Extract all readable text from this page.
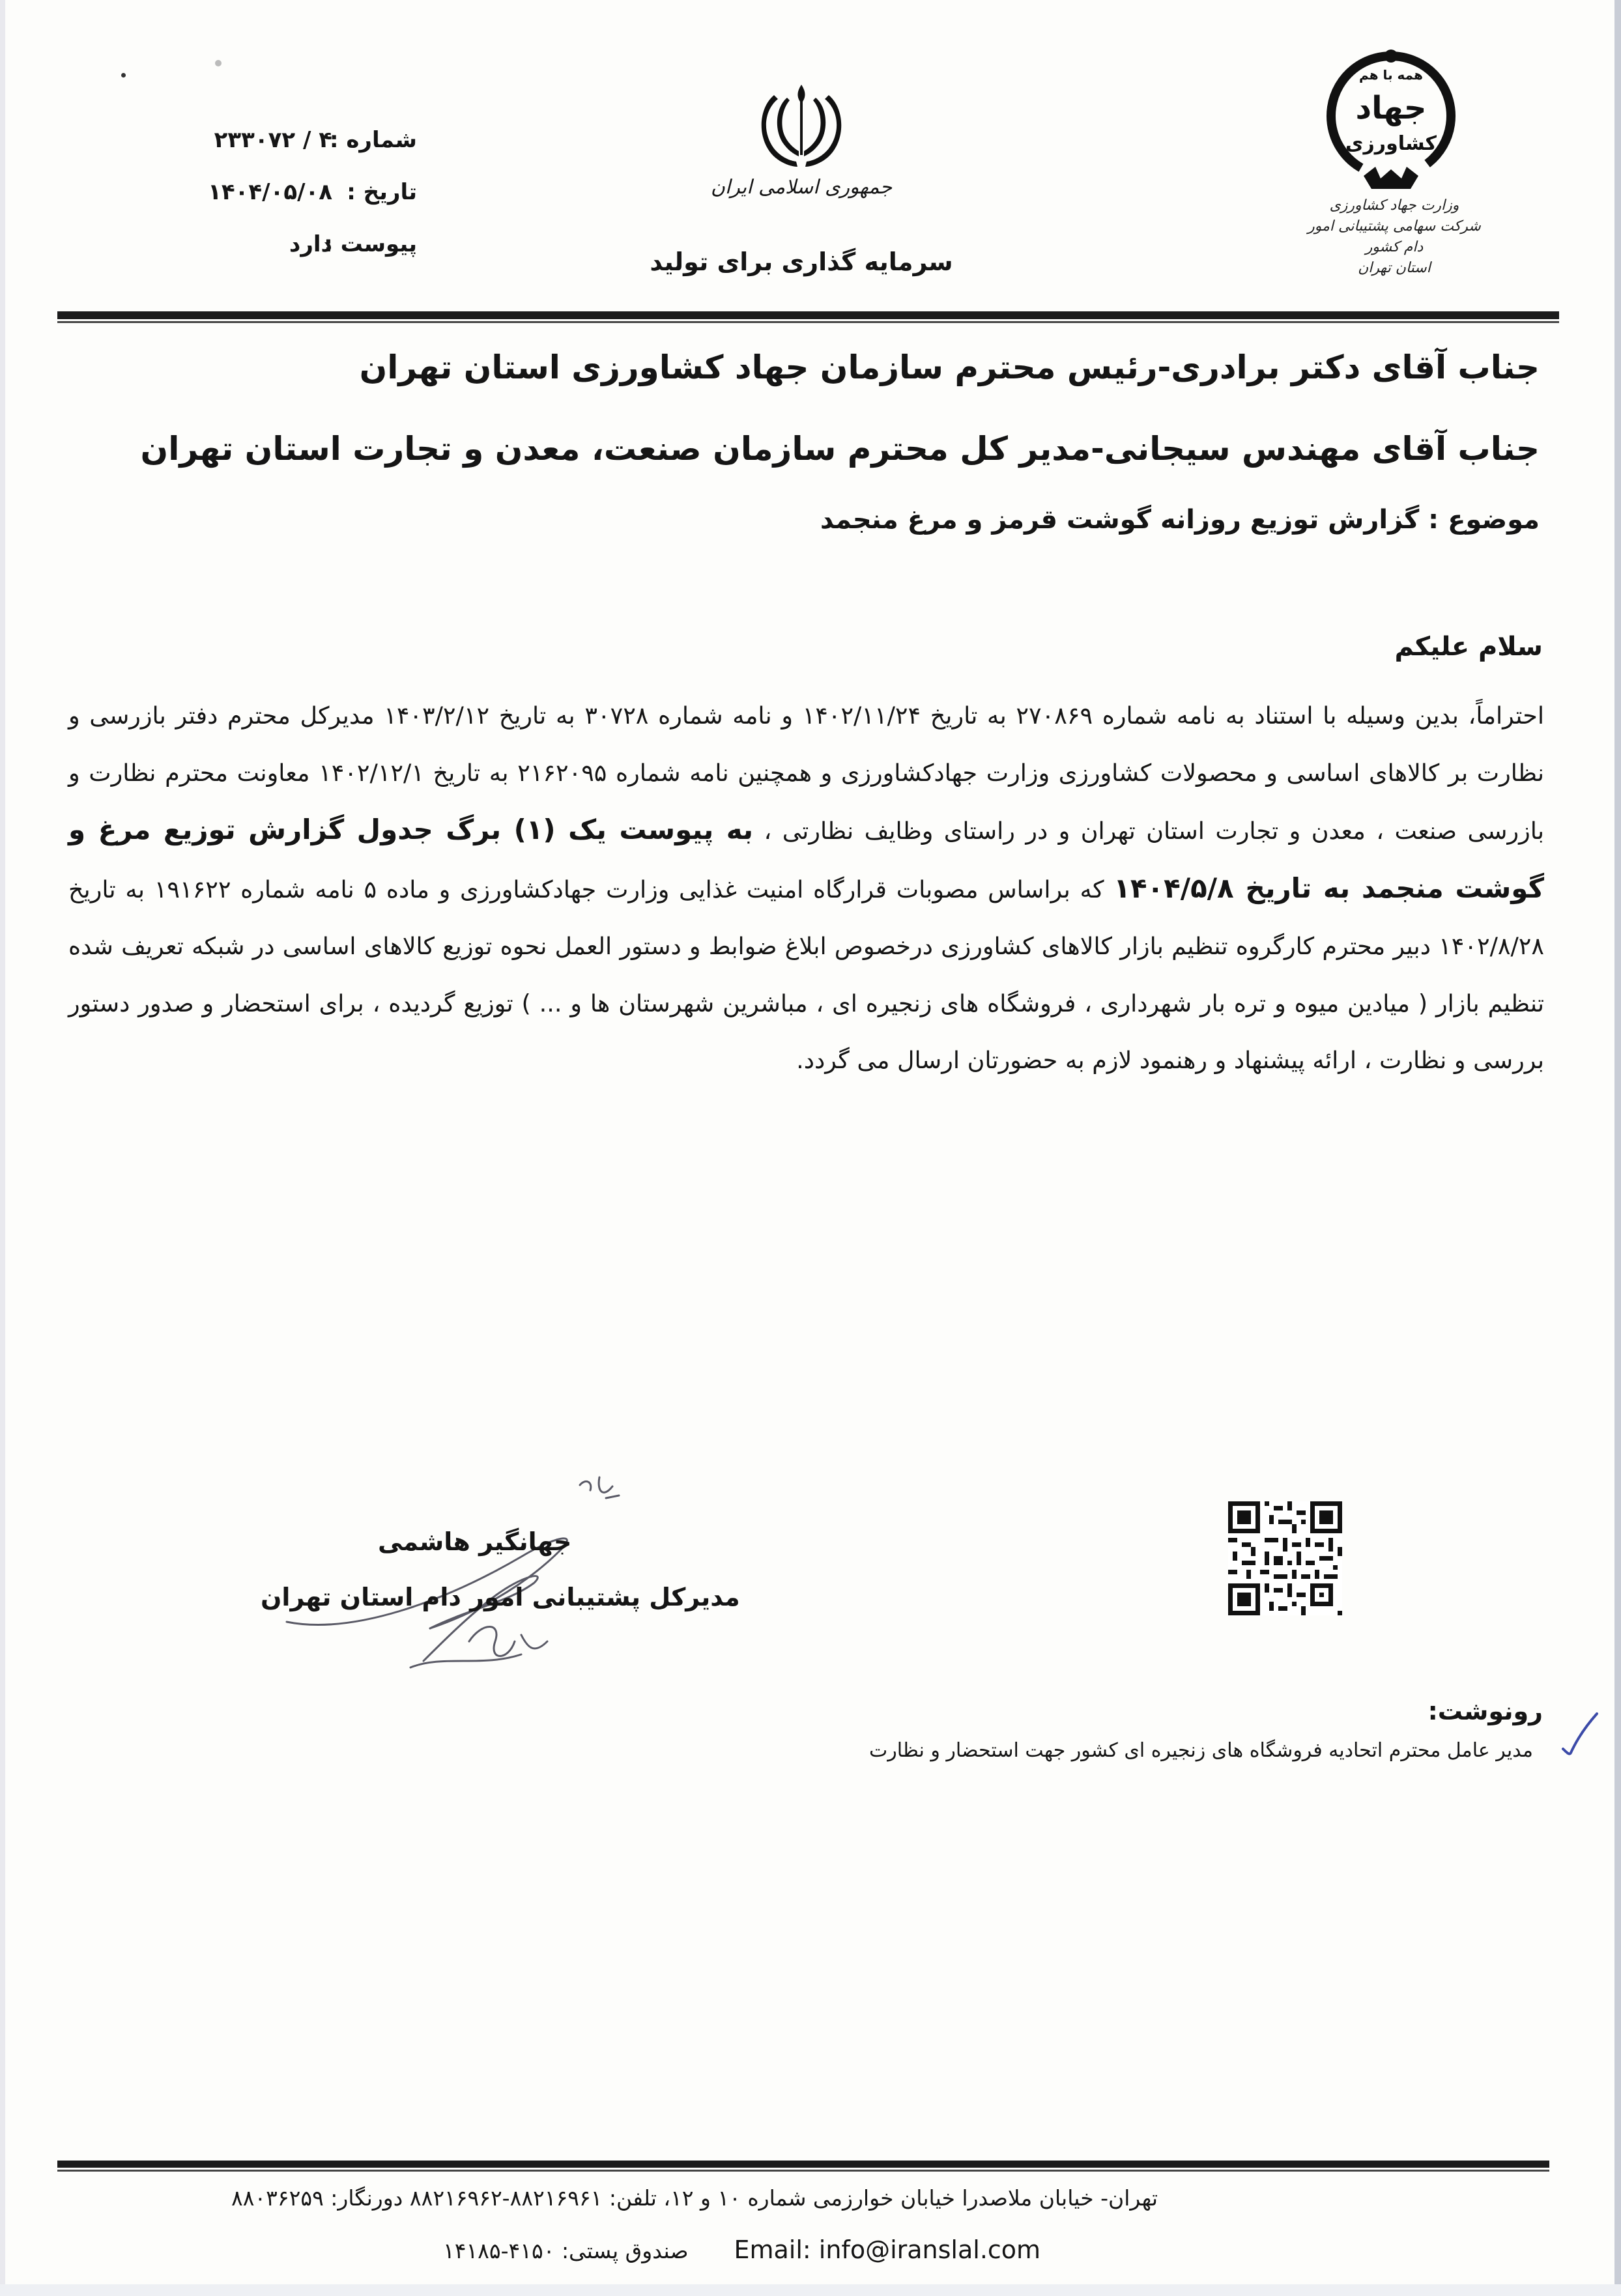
شماره :
۴ / ۲۳۳۰۷۲
تاریخ :
۱۴۰۴/۰۵/۰۸
پیوست :
دارد
جمهوری اسلامی ایران
سرمایه گذاری برای تولید
همه با هم
جهاد
کشاورزی
وزارت جهاد کشاورزی
شرکت سهامی پشتیبانی امور دام کشور
استان تهران
جناب آقای دکتر برادری-رئیس محترم سازمان جهاد کشاورزی استان تهران
جناب آقای مهندس سیجانی-مدیر کل محترم سازمان صنعت، معدن و تجارت استان تهران
موضوع : گزارش توزیع روزانه گوشت قرمز و مرغ منجمد
سلام علیکم
احتراماً، بدین وسیله با استناد به نامه شماره ۲۷۰۸۶۹ به تاریخ ۱۴۰۲/۱۱/۲۴ و نامه شماره ۳۰۷۲۸ به تاریخ ۱۴۰۳/۲/۱۲ مدیرکل محترم دفتر بازرسی و نظارت بر کالاهای اساسی و محصولات کشاورزی وزارت جهادکشاورزی و همچنین نامه شماره ۲۱۶۲۰۹۵ به تاریخ ۱۴۰۲/۱۲/۱ معاونت محترم نظارت و بازرسی صنعت ، معدن و تجارت استان تهران و در راستای وظایف نظارتی ، به پیوست یک (۱) برگ جدول گزارش توزیع مرغ و گوشت منجمد به تاریخ ۱۴۰۴/۵/۸ که براساس مصوبات قرارگاه امنیت غذایی وزارت جهادکشاورزی و ماده ۵ نامه شماره ۱۹۱۶۲۲ به تاریخ ۱۴۰۲/۸/۲۸ دبیر محترم کارگروه تنظیم بازار کالاهای کشاورزی درخصوص ابلاغ ضوابط و دستور العمل نحوه توزیع کالاهای اساسی در شبکه تعریف شده تنظیم بازار ( میادین میوه و تره بار شهرداری ، فروشگاه های زنجیره ای ، مباشرین شهرستان ها و ... ) توزیع گردیده ، برای استحضار و صدور دستور بررسی و نظارت ، ارائه پیشنهاد و رهنمود لازم به حضورتان ارسال می گردد.
جهانگیر هاشمی
مدیرکل پشتیبانی امور دام استان تهران
رونوشت:
مدیر عامل محترم اتحادیه فروشگاه های زنجیره ای کشور جهت استحضار و نظارت
تهران- خیابان ملاصدرا خیابان خوارزمی شماره ۱۰ و ۱۲، تلفن: ۸۸۲۱۶۹۶۱-۸۸۲۱۶۹۶۲ دورنگار: ۸۸۰۳۶۲۵۹
صندوق پستی: ۴۱۵۰-۱۴۱۸۵ Email: info@iranslal.com
